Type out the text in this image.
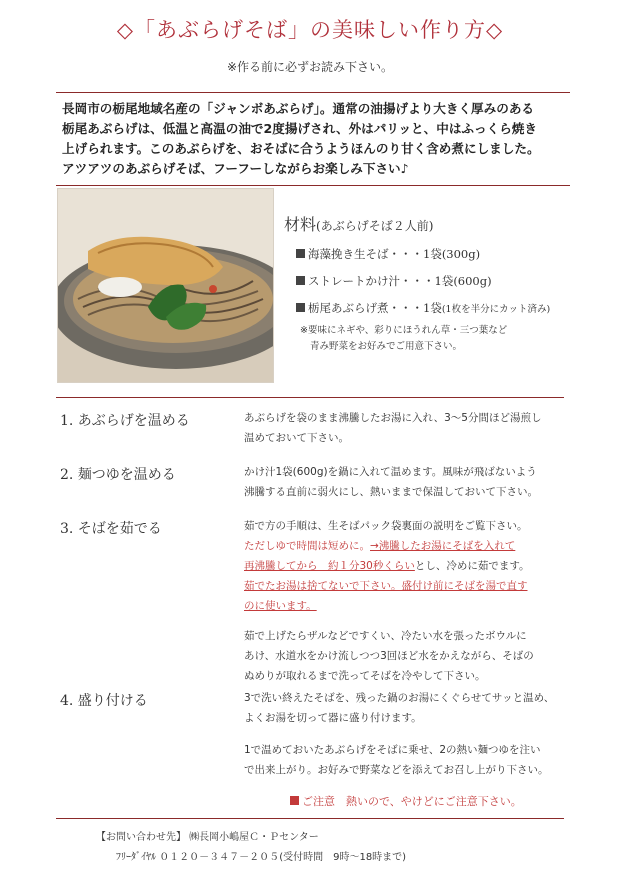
◇「あぶらげそば」の美味しい作り方◇
※作る前に必ずお読み下さい。

長岡市の栃尾地域名産の「ジャンボあぶらげ」。通常の油揚げより大きく厚みのある

栃尾あぶらげは、低温と高温の油で2度揚げされ、外はパリッと、中はふっくら焼き

上げられます。このあぶらげを、おそばに合うようほんのり甘く含め煮にしました。

アツアツのあぶらげそば、フーフーしながらお楽しみ下さい♪

材料(あぶらげそば２人前)
海藻挽き生そば・・・1袋(300g)
ストレートかけ汁・・・1袋(600g)
栃尾あぶらげ煮・・・1袋(1枚を半分にカット済み)
※要味にネギや、彩りにほうれん草・三つ葉など
青み野菜をお好みでご用意下さい。
1. あぶらげを温める	あぶらげを袋のまま沸騰したお湯に入れ、3～5分間ほど湯煎し

温めておいて下さい。

2. 麺つゆを温める	かけ汁1袋(600g)を鍋に入れて温めます。風味が飛ばないよう

沸騰する直前に弱火にし、熱いままで保温しておいて下さい。

3. そばを茹でる	茹で方の手順は、生そばパック袋裏面の説明をご覧下さい。

ただしゆで時間は短めに。→沸騰したお湯にそばを入れて

再沸騰してから　約１分30秒くらいとし、冷めに茹でます。

茹でたお湯は捨てないで下さい。盛付け前にそばを湯で直す

のに使います。

茹で上げたらザルなどですくい、冷たい水を張ったボウルに

あけ、水道水をかけ流しつつ3回ほど水をかえながら、そばの

ぬめりが取れるまで洗ってそばを冷やして下さい。

4. 盛り付ける	3で洗い終えたそばを、残った鍋のお湯にくぐらせてサッと温め、

よくお湯を切って器に盛り付けます。

1で温めておいたあぶらげをそばに乗せ、2の熱い麺つゆを注い

で出来上がり。お好みで野菜などを添えてお召し上がり下さい。

ご注意　熱いので、やけどにご注意下さい。
【お問い合わせ先】 ㈱長岡小嶋屋Ｃ・Ｐセンター
ﾌﾘｰﾀﾞｲﾔﾙ ０１２０－３４７－２０５(受付時間　9時～18時まで)
